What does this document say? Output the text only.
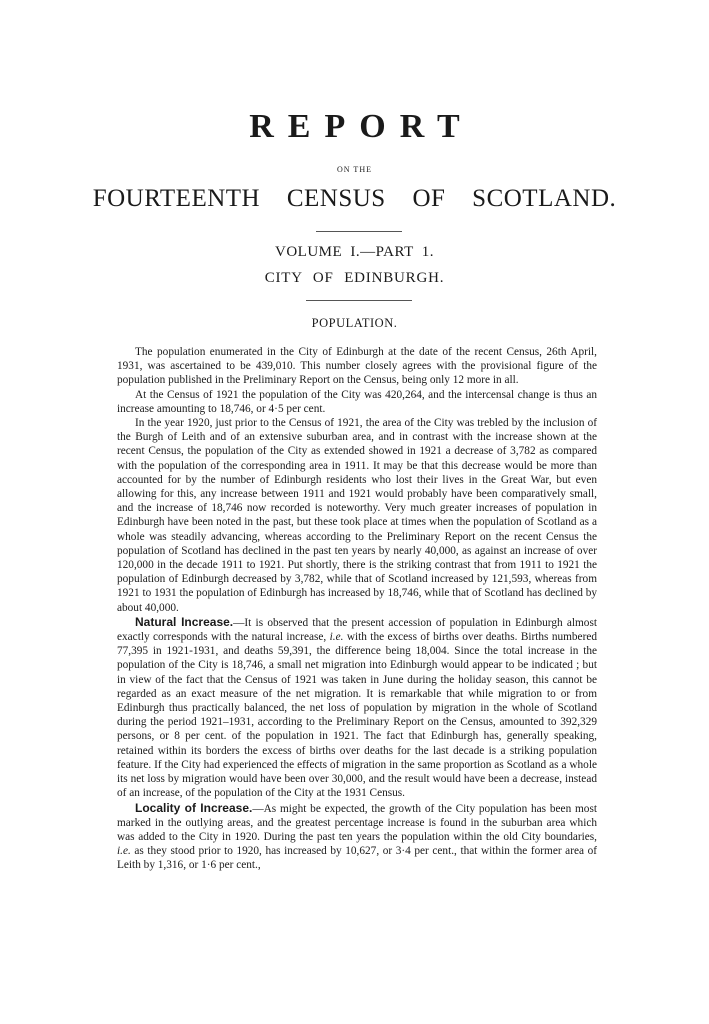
REPORT
ON THE
FOURTEENTH CENSUS OF SCOTLAND.
VOLUME I.—PART 1.
CITY OF EDINBURGH.
POPULATION.

The population enumerated in the City of Edinburgh at the date of the recent Census, 26th April, 1931, was ascertained to be 439,010. This number closely agrees with the provisional figure of the population published in the Preliminary Report on the Census, being only 12 more in all.

At the Census of 1921 the population of the City was 420,264, and the intercensal change is thus an increase amounting to 18,746, or 4·5 per cent.

In the year 1920, just prior to the Census of 1921, the area of the City was trebled by the inclusion of the Burgh of Leith and of an extensive suburban area, and in contrast with the increase shown at the recent Census, the population of the City as extended showed in 1921 a decrease of 3,782 as compared with the population of the corresponding area in 1911. It may be that this decrease would be more than accounted for by the number of Edinburgh residents who lost their lives in the Great War, but even allowing for this, any increase between 1911 and 1921 would probably have been comparatively small, and the increase of 18,746 now recorded is noteworthy. Very much greater increases of population in Edinburgh have been noted in the past, but these took place at times when the population of Scotland as a whole was steadily advancing, whereas according to the Preliminary Report on the recent Census the population of Scotland has declined in the past ten years by nearly 40,000, as against an increase of over 120,000 in the decade 1911 to 1921. Put shortly, there is the striking contrast that from 1911 to 1921 the population of Edinburgh decreased by 3,782, while that of Scotland increased by 121,593, whereas from 1921 to 1931 the population of Edinburgh has increased by 18,746, while that of Scotland has declined by about 40,000.

Natural Increase.—It is observed that the present accession of population in Edinburgh almost exactly corresponds with the natural increase, i.e. with the excess of births over deaths. Births numbered 77,395 in 1921-1931, and deaths 59,391, the difference being 18,004. Since the total increase in the population of the City is 18,746, a small net migration into Edinburgh would appear to be indicated ; but in view of the fact that the Census of 1921 was taken in June during the holiday season, this cannot be regarded as an exact measure of the net migration. It is remarkable that while migration to or from Edinburgh thus practically balanced, the net loss of population by migration in the whole of Scotland during the period 1921–1931, according to the Preliminary Report on the Census, amounted to 392,329 persons, or 8 per cent. of the population in 1921. The fact that Edinburgh has, generally speaking, retained within its borders the excess of births over deaths for the last decade is a striking population feature. If the City had experienced the effects of migration in the same proportion as Scotland as a whole its net loss by migration would have been over 30,000, and the result would have been a decrease, instead of an increase, of the population of the City at the 1931 Census.

Locality of Increase.—As might be expected, the growth of the City population has been most marked in the outlying areas, and the greatest percentage increase is found in the suburban area which was added to the City in 1920. During the past ten years the population within the old City boundaries, i.e. as they stood prior to 1920, has increased by 10,627, or 3·4 per cent., that within the former area of Leith by 1,316, or 1·6 per cent.,
